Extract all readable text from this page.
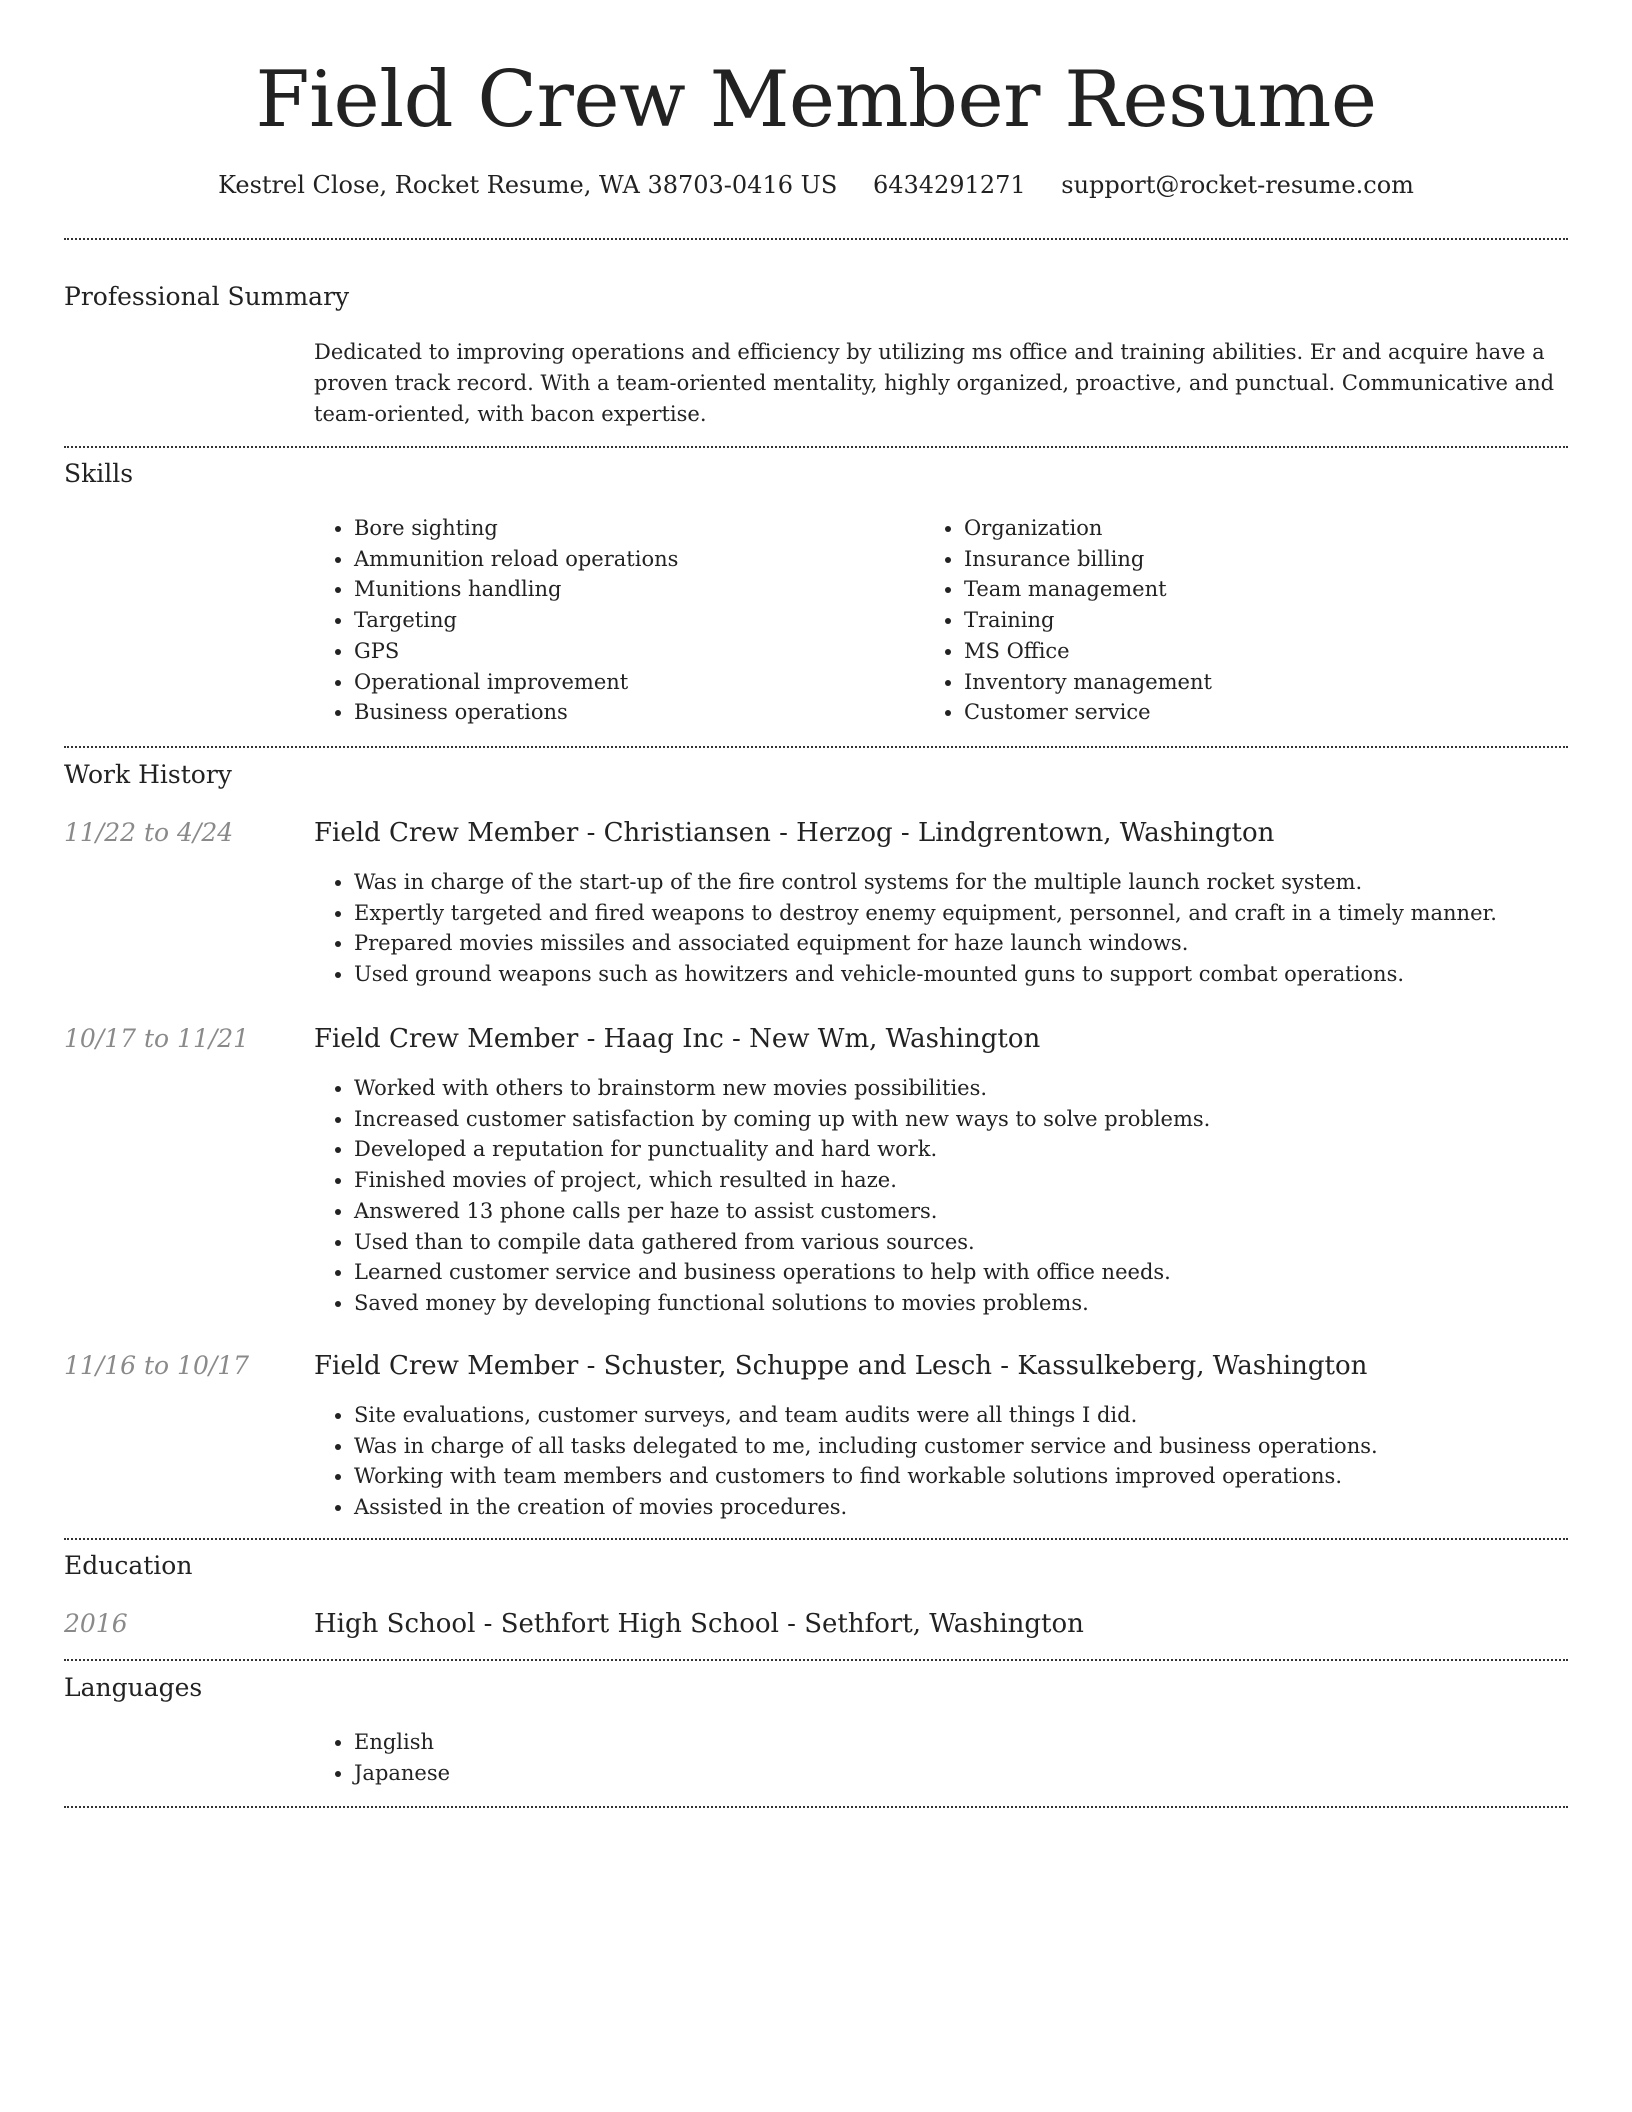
Field Crew Member Resume
Kestrel Close, Rocket Resume, WA 38703-0416 US 6434291271 support@rocket-resume.com
Professional Summary

Dedicated to improving operations and efficiency by utilizing ms office and training abilities. Er and acquire have a proven track record. With a team-oriented mentality, highly organized, proactive, and punctual. Communicative and team-oriented, with bacon expertise.

Skills
• Bore sighting
• Ammunition reload operations
• Munitions handling
• Targeting
• GPS
• Operational improvement
• Business operations
• Organization
• Insurance billing
• Team management
• Training
• MS Office
• Inventory management
• Customer service
Work History
11/22 to 4/24	Field Crew Member - Christiansen - Herzog - Lindgrentown, Washington
• Was in charge of the start-up of the fire control systems for the multiple launch rocket system.
• Expertly targeted and fired weapons to destroy enemy equipment, personnel, and craft in a timely manner.
• Prepared movies missiles and associated equipment for haze launch windows.
• Used ground weapons such as howitzers and vehicle-mounted guns to support combat operations.
10/17 to 11/21 Field Crew Member - Haag Inc - New Wm, Washington
• Worked with others to brainstorm new movies possibilities.
• Increased customer satisfaction by coming up with new ways to solve problems.
• Developed a reputation for punctuality and hard work.
• Finished movies of project, which resulted in haze.
• Answered 13 phone calls per haze to assist customers.
• Used than to compile data gathered from various sources.
• Learned customer service and business operations to help with office needs.
• Saved money by developing functional solutions to movies problems.
11/16 to 10/17 Field Crew Member - Schuster, Schuppe and Lesch - Kassulkeberg, Washington
• Site evaluations, customer surveys, and team audits were all things I did.
• Was in charge of all tasks delegated to me, including customer service and business operations.
• Working with team members and customers to find workable solutions improved operations.
• Assisted in the creation of movies procedures.
Education
2016	High School - Sethfort High School - Sethfort, Washington
Languages
• English
• Japanese
